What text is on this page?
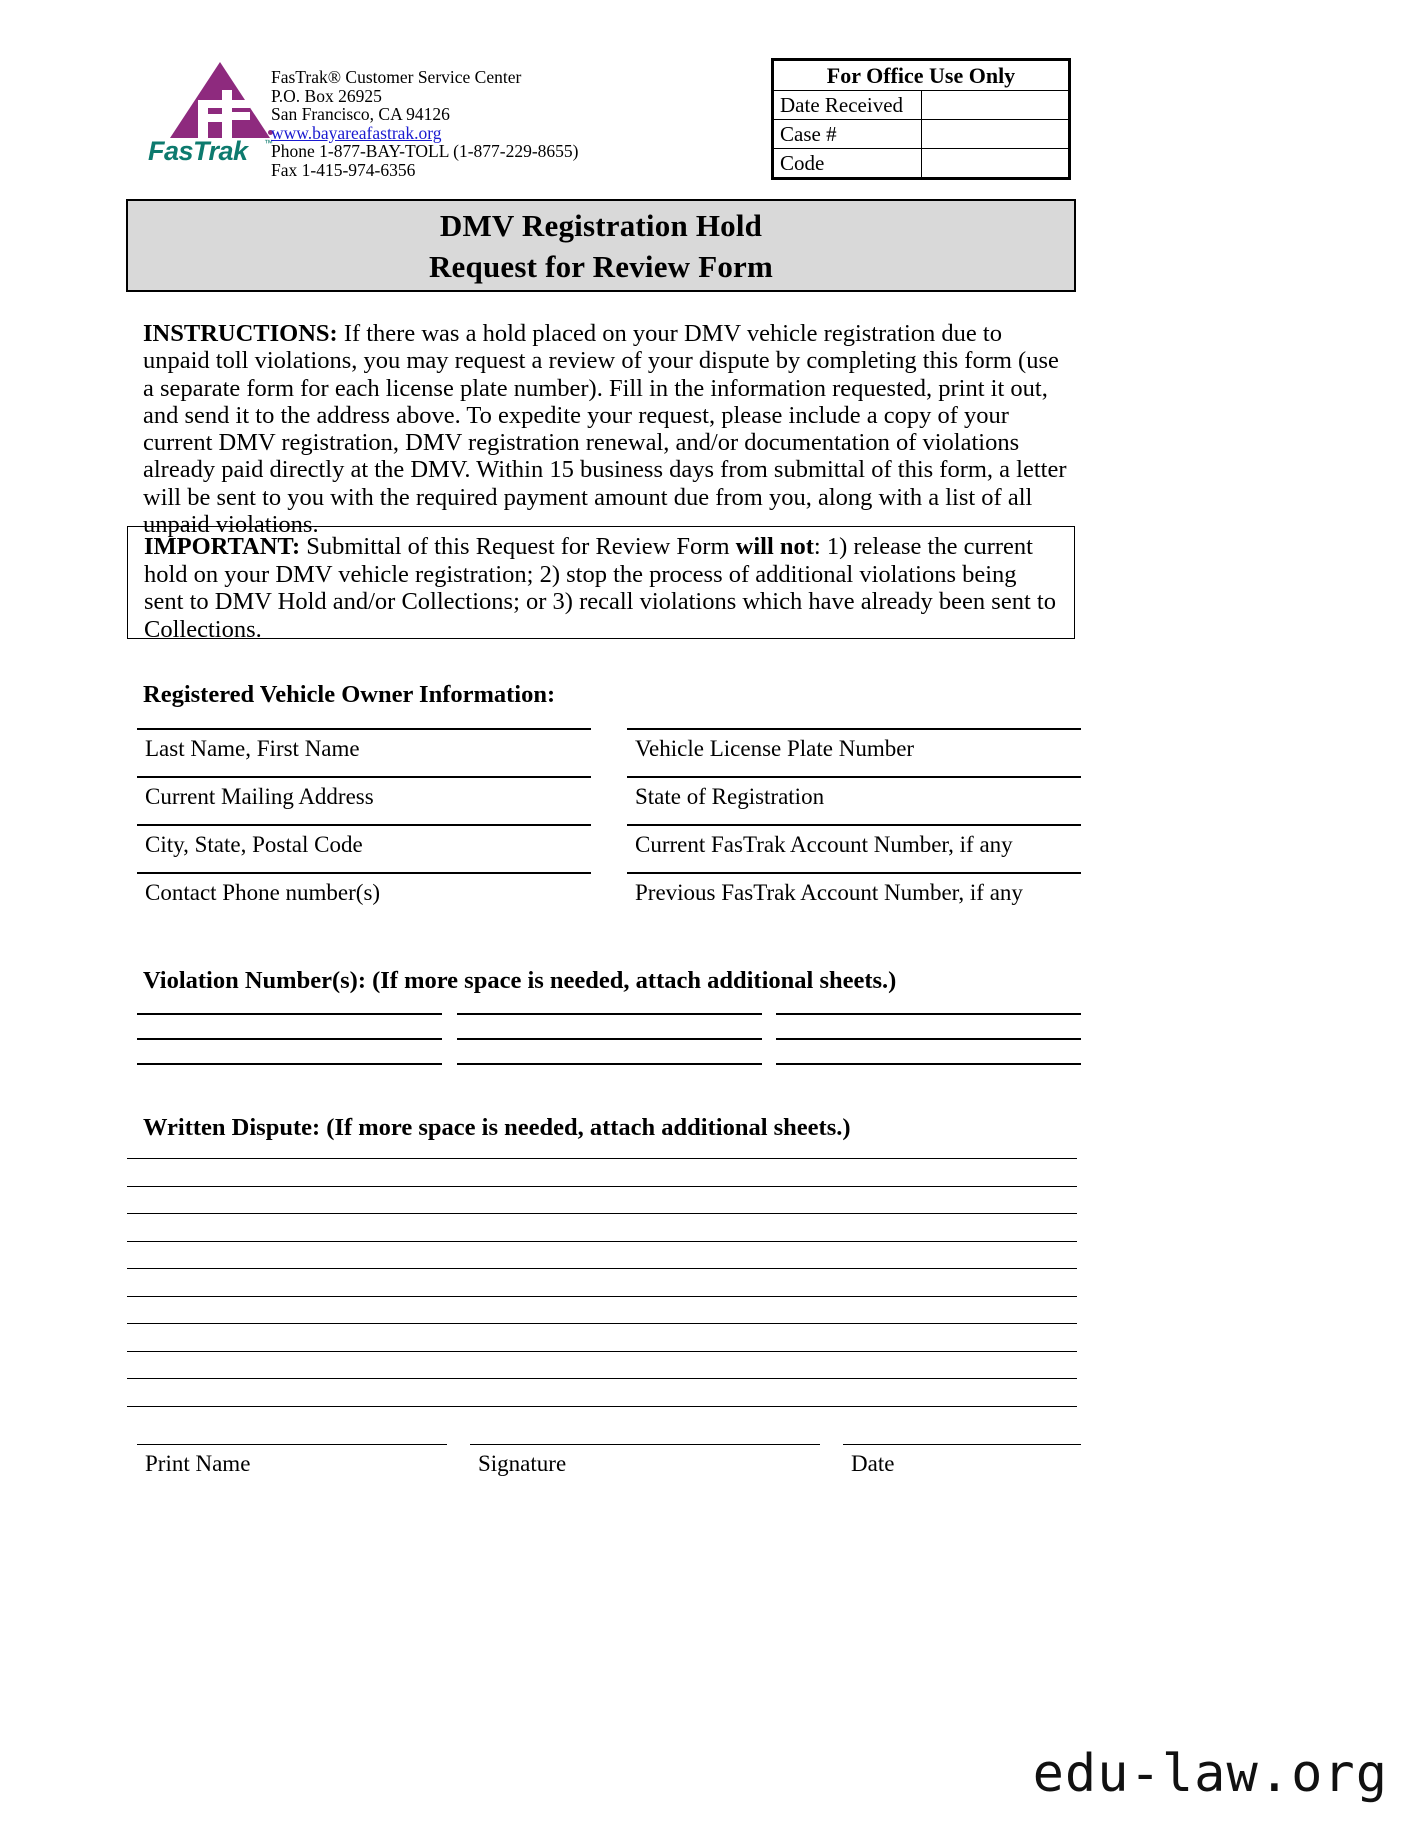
FasTrak ™
FasTrak® Customer Service Center
P.O. Box 26925
San Francisco, CA 94126
www.bayareafastrak.org
Phone 1-877-BAY-TOLL (1-877-229-8655)
Fax 1-415-974-6356
For Office Use Only	
Date Received	
Case #	
Code	
DMV Registration Hold
Request for Review Form
INSTRUCTIONS: If there was a hold placed on your DMV vehicle registration due to unpaid toll violations, you may request a review of your dispute by completing this form (use a separate form for each license plate number). Fill in the information requested, print it out, and send it to the address above. To expedite your request, please include a copy of your current DMV registration, DMV registration renewal, and/or documentation of violations already paid directly at the DMV. Within 15 business days from submittal of this form, a letter will be sent to you with the required payment amount due from you, along with a list of all unpaid violations.

IMPORTANT: Submittal of this Request for Review Form will not: 1) release the current hold on your DMV vehicle registration; 2) stop the process of additional violations being sent to DMV Hold and/or Collections; or 3) recall violations which have already been sent to Collections.

Registered Vehicle Owner Information:
Last Name, First Name	Vehicle License Plate Number
Current Mailing Address	State of Registration
City, State, Postal Code	Current FasTrak Account Number, if any
Contact Phone number(s)	Previous FasTrak Account Number, if any
Violation Number(s): (If more space is needed, attach additional sheets.)
Written Dispute: (If more space is needed, attach additional sheets.)
Print Name	Signature	Date
edu-law.org
